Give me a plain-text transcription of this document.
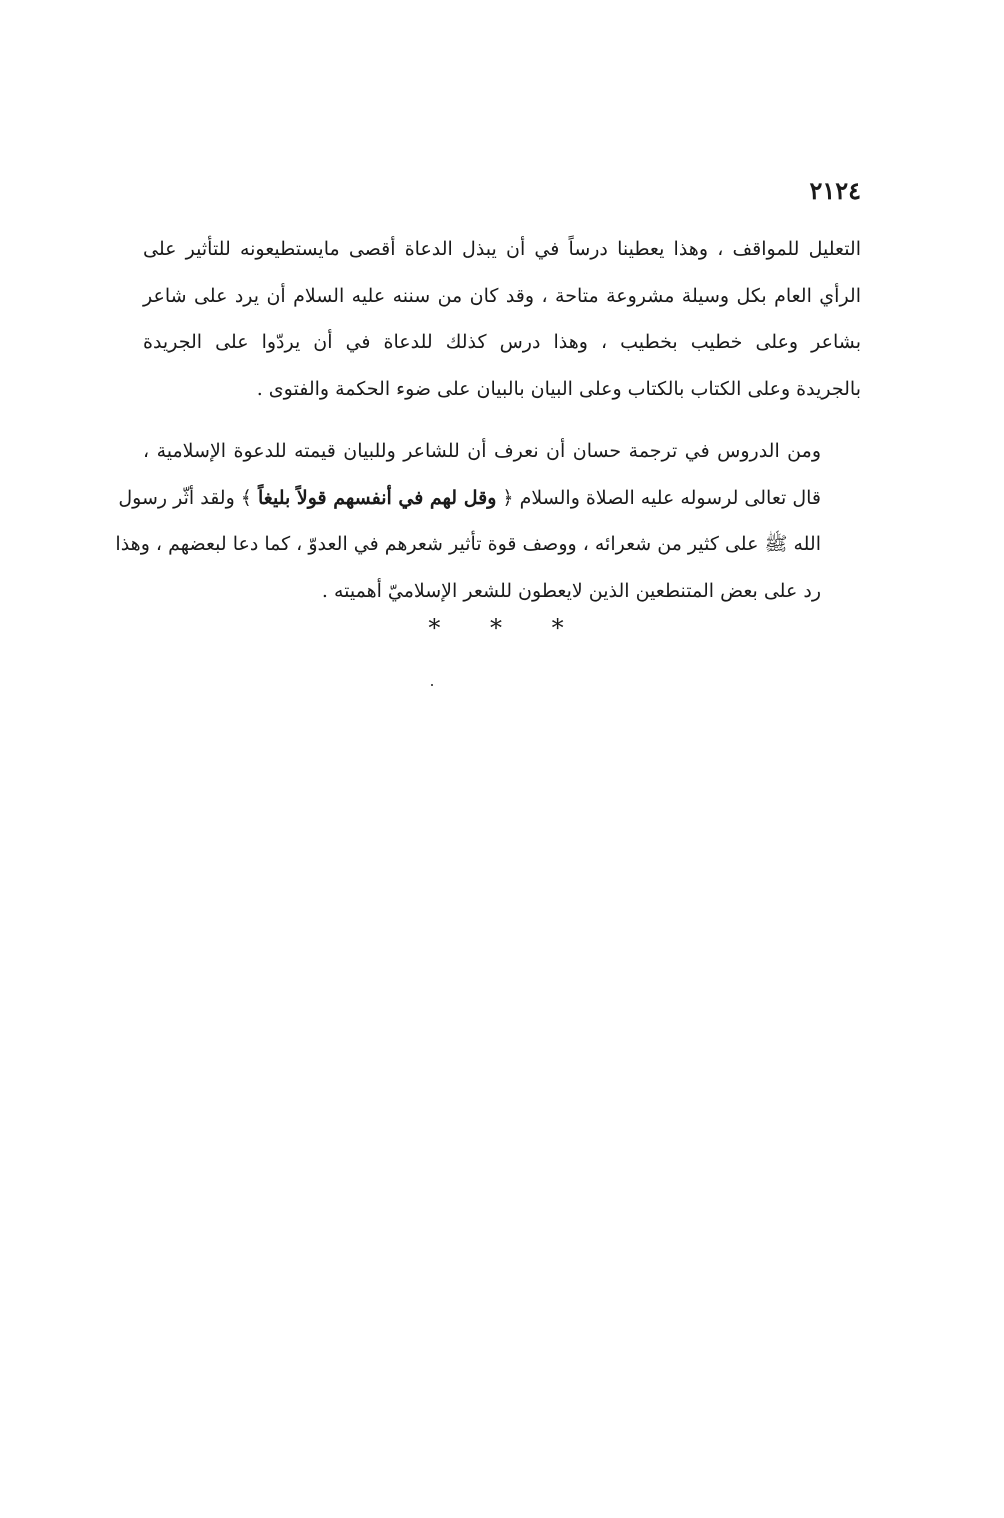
٢١٢٤

التعليل للمواقف ، وهذا يعطينا درساً في أن يبذل الدعاة أقصى مايستطيعونه للتأثير على
الرأي العام بكل وسيلة مشروعة متاحة ، وقد كان من سننه عليه السلام أن يرد على شاعر
بشاعر وعلى خطيب بخطيب ، وهذا درس كذلك للدعاة في أن يردّوا على الجريدة
بالجريدة وعلى الكتاب بالكتاب وعلى البيان بالبيان على ضوء الحكمة والفتوى .

ومن الدروس في ترجمة حسان أن نعرف أن للشاعر وللبيان قيمته للدعوة الإسلامية ،
قال تعالى لرسوله عليه الصلاة والسلام ﴿ وقل لهم في أنفسهم قولاً بليغاً ﴾ ولقد أثّر رسول
الله ﷺ على كثير من شعرائه ، ووصف قوة تأثير شعرهم في العدوّ ، كما دعا لبعضهم ، وهذا
رد على بعض المتنطعين الذين لايعطون للشعر الإسلاميّ أهميته .

* * *
